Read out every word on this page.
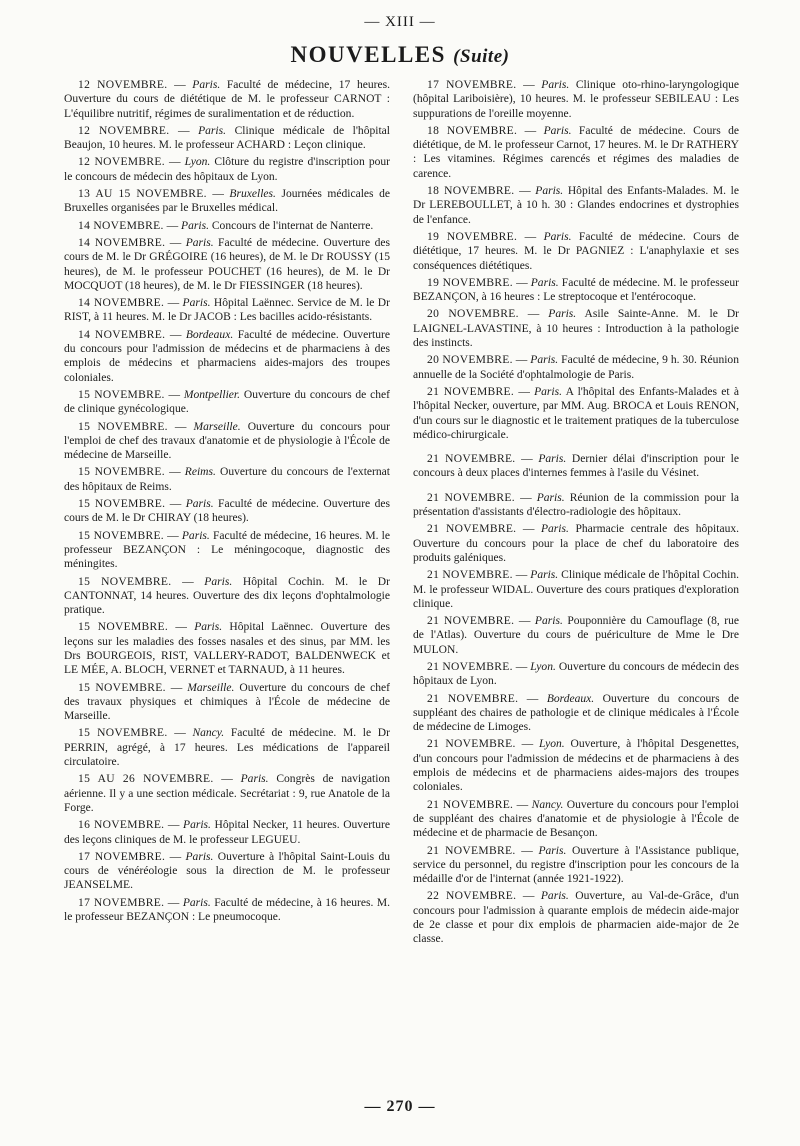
— XIII —
NOUVELLES (Suite)

12 NOVEMBRE. — Paris. Faculté de médecine, 17 heures. Ouverture du cours de diététique de M. le professeur CARNOT : L'équilibre nutritif, régimes de suralimentation et de réduction.

12 NOVEMBRE. — Paris. Clinique médicale de l'hôpital Beaujon, 10 heures. M. le professeur ACHARD : Leçon clinique.

12 NOVEMBRE. — Lyon. Clôture du registre d'inscription pour le concours de médecin des hôpitaux de Lyon.

13 AU 15 NOVEMBRE. — Bruxelles. Journées médicales de Bruxelles organisées par le Bruxelles médical.

14 NOVEMBRE. — Paris. Concours de l'internat de Nanterre.

14 NOVEMBRE. — Paris. Faculté de médecine. Ouverture des cours de M. le Dr GRÉGOIRE (16 heures), de M. le Dr ROUSSY (15 heures), de M. le professeur POUCHET (16 heures), de M. le Dr MOCQUOT (18 heures), de M. le Dr FIESSINGER (18 heures).

14 NOVEMBRE. — Paris. Hôpital Laënnec. Service de M. le Dr RIST, à 11 heures. M. le Dr JACOB : Les bacilles acido-résistants.

14 NOVEMBRE. — Bordeaux. Faculté de médecine. Ouverture du concours pour l'admission de médecins et de pharmaciens à des emplois de médecins et pharmaciens aides-majors des troupes coloniales.

15 NOVEMBRE. — Montpellier. Ouverture du concours de chef de clinique gynécologique.

15 NOVEMBRE. — Marseille. Ouverture du concours pour l'emploi de chef des travaux d'anatomie et de physiologie à l'École de médecine de Marseille.

15 NOVEMBRE. — Reims. Ouverture du concours de l'externat des hôpitaux de Reims.

15 NOVEMBRE. — Paris. Faculté de médecine. Ouverture des cours de M. le Dr CHIRAY (18 heures).

15 NOVEMBRE. — Paris. Faculté de médecine, 16 heures. M. le professeur BEZANÇON : Le méningocoque, diagnostic des méningites.

15 NOVEMBRE. — Paris. Hôpital Cochin. M. le Dr CANTONNAT, 14 heures. Ouverture des dix leçons d'ophtalmologie pratique.

15 NOVEMBRE. — Paris. Hôpital Laënnec. Ouverture des leçons sur les maladies des fosses nasales et des sinus, par MM. les Drs BOURGEOIS, RIST, VALLERY-RADOT, BALDENWECK et LE MÉE, A. BLOCH, VERNET et TARNAUD, à 11 heures.

15 NOVEMBRE. — Marseille. Ouverture du concours de chef des travaux physiques et chimiques à l'École de médecine de Marseille.

15 NOVEMBRE. — Nancy. Faculté de médecine. M. le Dr PERRIN, agrégé, à 17 heures. Les médications de l'appareil circulatoire.

15 AU 26 NOVEMBRE. — Paris. Congrès de navigation aérienne. Il y a une section médicale. Secrétariat : 9, rue Anatole de la Forge.

16 NOVEMBRE. — Paris. Hôpital Necker, 11 heures. Ouverture des leçons cliniques de M. le professeur LEGUEU.

17 NOVEMBRE. — Paris. Ouverture à l'hôpital Saint-Louis du cours de vénéréologie sous la direction de M. le professeur JEANSELME.

17 NOVEMBRE. — Paris. Faculté de médecine, à 16 heures. M. le professeur BEZANÇON : Le pneumocoque.

17 NOVEMBRE. — Paris. Clinique oto-rhino-laryngologique (hôpital Lariboisière), 10 heures. M. le professeur SEBILEAU : Les suppurations de l'oreille moyenne.

18 NOVEMBRE. — Paris. Faculté de médecine. Cours de diététique, de M. le professeur Carnot, 17 heures. M. le Dr RATHERY : Les vitamines. Régimes carencés et régimes des maladies de carence.

18 NOVEMBRE. — Paris. Hôpital des Enfants-Malades. M. le Dr LEREBOULLET, à 10 h. 30 : Glandes endocrines et dystrophies de l'enfance.

19 NOVEMBRE. — Paris. Faculté de médecine. Cours de diététique, 17 heures. M. le Dr PAGNIEZ : L'anaphylaxie et ses conséquences diététiques.

19 NOVEMBRE. — Paris. Faculté de médecine. M. le professeur BEZANÇON, à 16 heures : Le streptocoque et l'entérocoque.

20 NOVEMBRE. — Paris. Asile Sainte-Anne. M. le Dr LAIGNEL-LAVASTINE, à 10 heures : Introduction à la pathologie des instincts.

20 NOVEMBRE. — Paris. Faculté de médecine, 9 h. 30. Réunion annuelle de la Société d'ophtalmologie de Paris.

21 NOVEMBRE. — Paris. A l'hôpital des Enfants-Malades et à l'hôpital Necker, ouverture, par MM. Aug. BROCA et Louis RENON, d'un cours sur le diagnostic et le traitement pratiques de la tuberculose médico-chirurgicale.

21 NOVEMBRE. — Paris. Dernier délai d'inscription pour le concours à deux places d'internes femmes à l'asile du Vésinet.

21 NOVEMBRE. — Paris. Réunion de la commission pour la présentation d'assistants d'électro-radiologie des hôpitaux.

21 NOVEMBRE. — Paris. Pharmacie centrale des hôpitaux. Ouverture du concours pour la place de chef du laboratoire des produits galéniques.

21 NOVEMBRE. — Paris. Clinique médicale de l'hôpital Cochin. M. le professeur WIDAL. Ouverture des cours pratiques d'exploration clinique.

21 NOVEMBRE. — Paris. Pouponnière du Camouflage (8, rue de l'Atlas). Ouverture du cours de puériculture de Mme le Dre MULON.

21 NOVEMBRE. — Lyon. Ouverture du concours de médecin des hôpitaux de Lyon.

21 NOVEMBRE. — Bordeaux. Ouverture du concours de suppléant des chaires de pathologie et de clinique médicales à l'École de médecine de Limoges.

21 NOVEMBRE. — Lyon. Ouverture, à l'hôpital Desgenettes, d'un concours pour l'admission de médecins et de pharmaciens à des emplois de médecins et de pharmaciens aides-majors des troupes coloniales.

21 NOVEMBRE. — Nancy. Ouverture du concours pour l'emploi de suppléant des chaires d'anatomie et de physiologie à l'École de médecine et de pharmacie de Besançon.

21 NOVEMBRE. — Paris. Ouverture à l'Assistance publique, service du personnel, du registre d'inscription pour les concours de la médaille d'or de l'internat (année 1921-1922).

22 NOVEMBRE. — Paris. Ouverture, au Val-de-Grâce, d'un concours pour l'admission à quarante emplois de médecin aide-major de 2e classe et pour dix emplois de pharmacien aide-major de 2e classe.

— 270 —
